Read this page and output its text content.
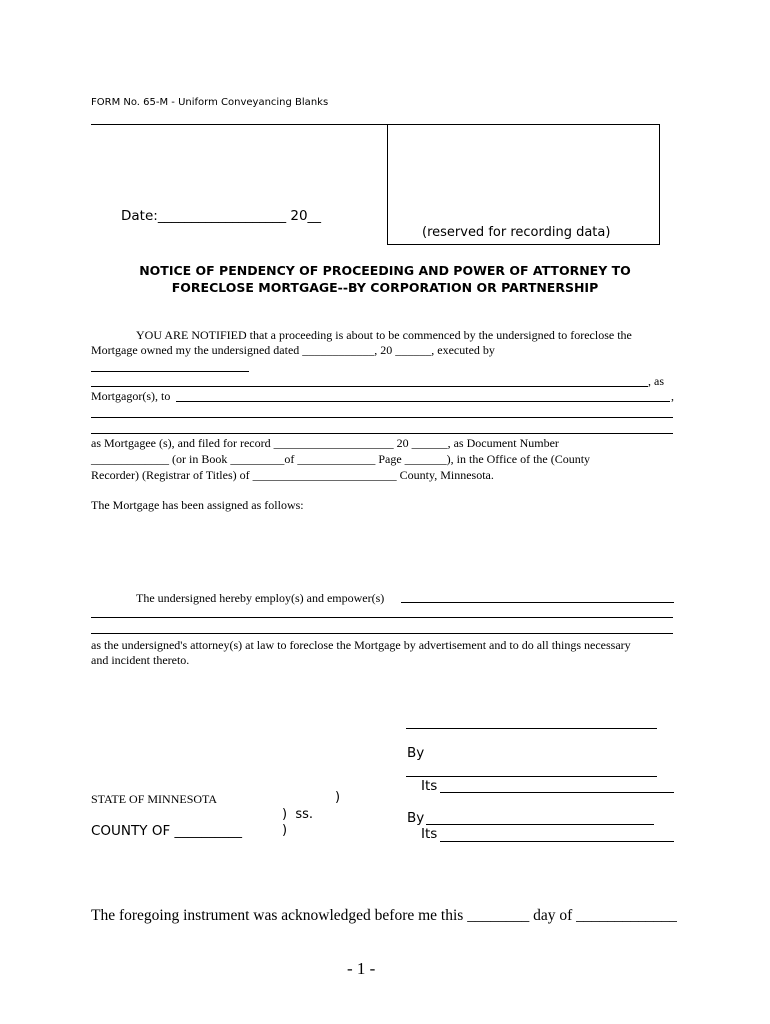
FORM No. 65-M - Uniform Conveyancing Blanks
(reserved for recording data)
Date:___________________ 20__
NOTICE OF PENDENCY OF PROCEEDING AND POWER OF ATTORNEY TO
FORECLOSE MORTGAGE--BY CORPORATION OR PARTNERSHIP
YOU ARE NOTIFIED that a proceeding is about to be commenced by the undersigned to foreclose the
Mortgage owned my the undersigned dated ____________, 20 ______, executed by
, as
Mortgagor(s), to	,
as Mortgagee (s), and filed for record ____________________ 20 ______, as Document Number
_____________ (or in Book _________of _____________ Page _______), in the Office of the (County
Recorder) (Registrar of Titles) of ________________________ County, Minnesota.
The Mortgage has been assigned as follows:
The undersigned hereby employ(s) and empower(s)
as the undersigned's attorney(s) at law to foreclose the Mortgage by advertisement and to do all things necessary
and incident thereto.
By
Its
By
Its
STATE OF MINNESOTA	)
)  ss.
COUNTY OF __________	)
The foregoing instrument was acknowledged before me this ________ day of _____________
- 1 -
